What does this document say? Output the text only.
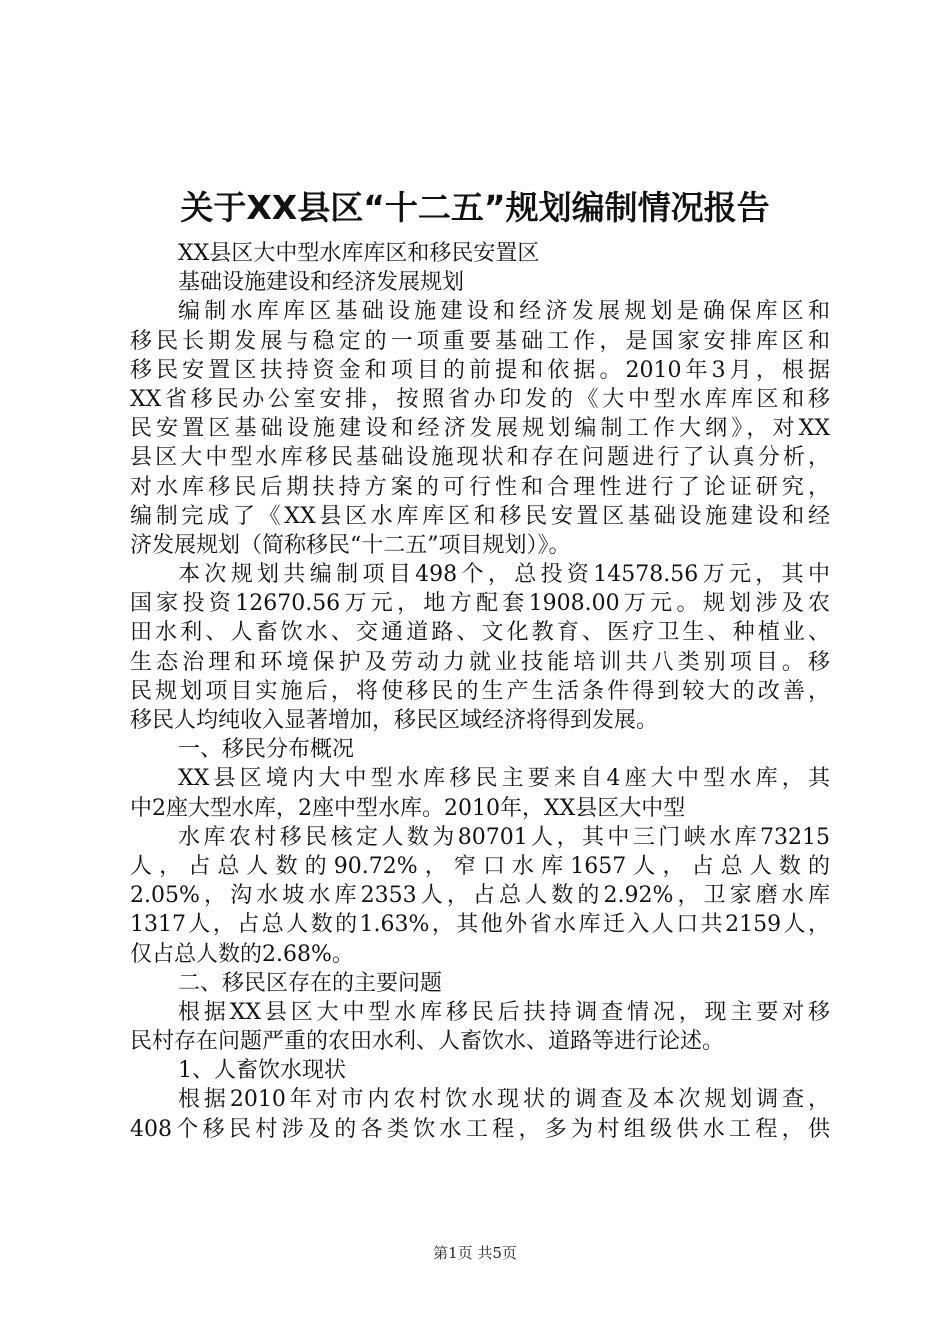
关于XX县区“十二五”规划编制情况报告
XX县区大中型水库库区和移民安置区
基础设施建设和经济发展规划
编制水库库区基础设施建设和经济发展规划是确保库区和
移民长期发展与稳定的一项重要基础工作，是国家安排库区和
移民安置区扶持资金和项目的前提和依据。2010年3月，根据
XX省移民办公室安排，按照省办印发的《大中型水库库区和移
民安置区基础设施建设和经济发展规划编制工作大纲》，对XX
县区大中型水库移民基础设施现状和存在问题进行了认真分析，
对水库移民后期扶持方案的可行性和合理性进行了论证研究，
编制完成了《XX县区水库库区和移民安置区基础设施建设和经
济发展规划（简称移民“十二五”项目规划）》。
本次规划共编制项目498个，总投资14578.56万元，其中
国家投资12670.56万元，地方配套1908.00万元。规划涉及农
田水利、人畜饮水、交通道路、文化教育、医疗卫生、种植业、
生态治理和环境保护及劳动力就业技能培训共八类别项目。移
民规划项目实施后，将使移民的生产生活条件得到较大的改善，
移民人均纯收入显著增加，移民区域经济将得到发展。
一、移民分布概况
XX县区境内大中型水库移民主要来自4座大中型水库，其
中2座大型水库，2座中型水库。2010年，XX县区大中型
水库农村移民核定人数为80701人，其中三门峡水库73215
人，占总人数的90.72%，窄口水库1657人，占总人数的
2.05%，沟水坡水库2353人，占总人数的2.92%，卫家磨水库
1317人，占总人数的1.63%，其他外省水库迁入人口共2159人，
仅占总人数的2.68%。
二、移民区存在的主要问题
根据XX县区大中型水库移民后扶持调查情况，现主要对移
民村存在问题严重的农田水利、人畜饮水、道路等进行论述。
1、人畜饮水现状
根据2010年对市内农村饮水现状的调查及本次规划调查，
408个移民村涉及的各类饮水工程，多为村组级供水工程，供
第1页 共5页
